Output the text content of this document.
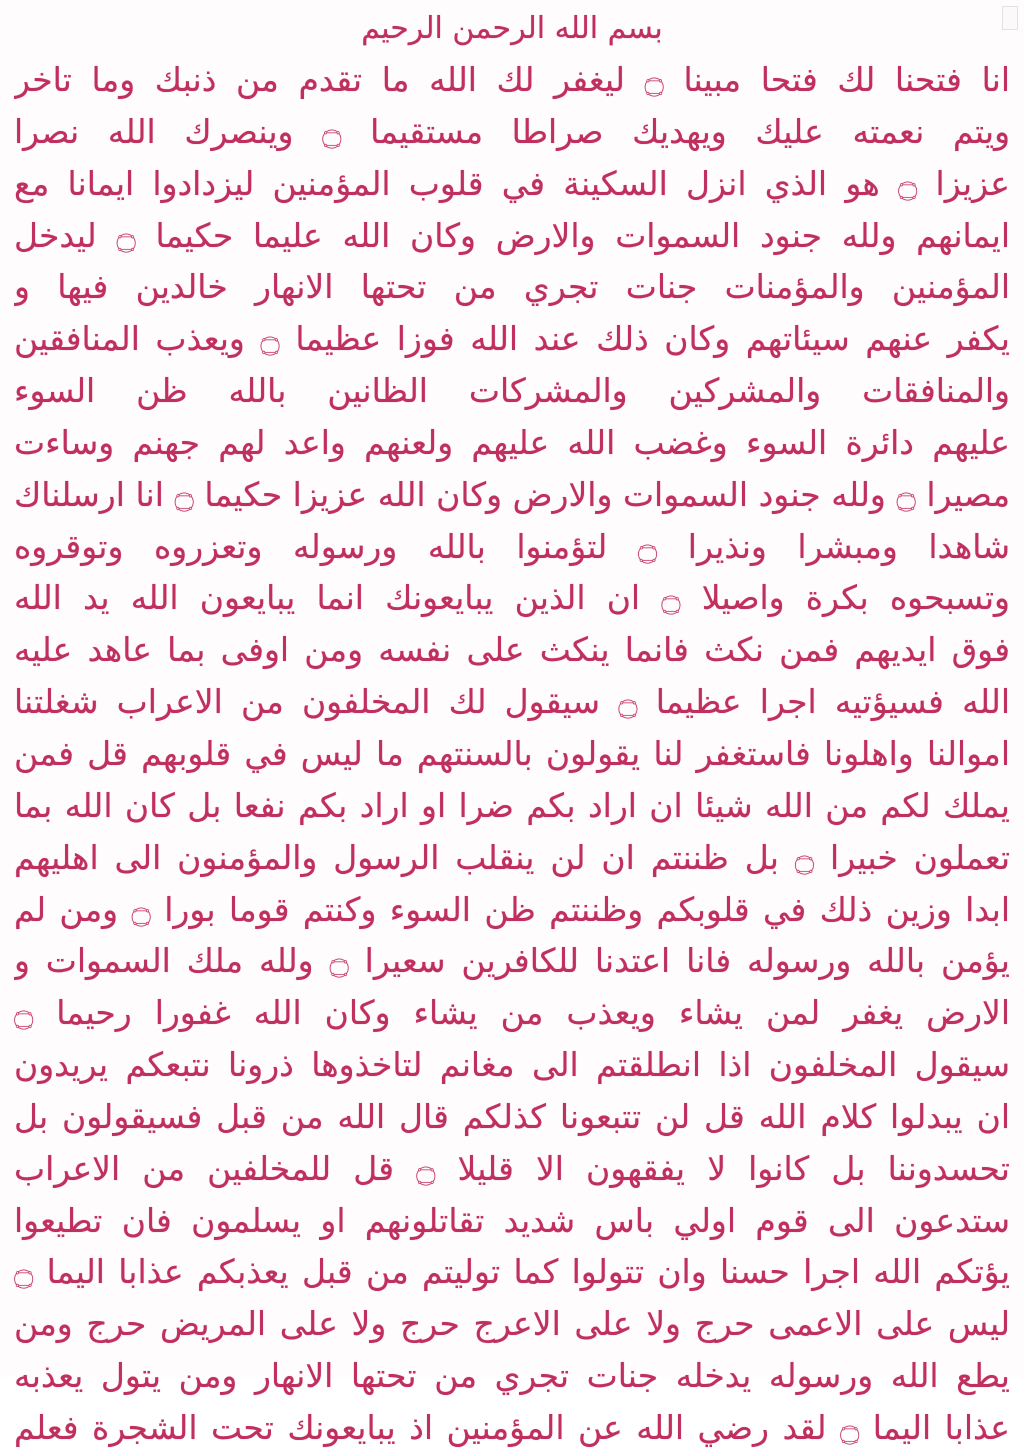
بسم الله الرحمن الرحيم
انا فتحنا لك فتحا مبينا ۝ ليغفر لك الله ما تقدم من ذنبك وما تاخر
ويتم نعمته عليك ويهديك صراطا مستقيما ۝ وينصرك الله نصرا
عزيزا ۝ هو الذي انزل السكينة في قلوب المؤمنين ليزدادوا ايمانا مع
ايمانهم ولله جنود السموات والارض وكان الله عليما حكيما ۝ ليدخل
المؤمنين والمؤمنات جنات تجري من تحتها الانهار خالدين فيها و
يكفر عنهم سيئاتهم وكان ذلك عند الله فوزا عظيما ۝ ويعذب المنافقين
والمنافقات والمشركين والمشركات الظانين بالله ظن السوء
عليهم دائرة السوء وغضب الله عليهم ولعنهم واعد لهم جهنم وساءت
مصيرا ۝ ولله جنود السموات والارض وكان الله عزيزا حكيما ۝ انا ارسلناك
شاهدا ومبشرا ونذيرا ۝ لتؤمنوا بالله ورسوله وتعزروه وتوقروه
وتسبحوه بكرة واصيلا ۝ ان الذين يبايعونك انما يبايعون الله يد الله
فوق ايديهم فمن نكث فانما ينكث على نفسه ومن اوفى بما عاهد عليه
الله فسيؤتيه اجرا عظيما ۝ سيقول لك المخلفون من الاعراب شغلتنا
اموالنا واهلونا فاستغفر لنا يقولون بالسنتهم ما ليس في قلوبهم قل فمن
يملك لكم من الله شيئا ان اراد بكم ضرا او اراد بكم نفعا بل كان الله بما
تعملون خبيرا ۝ بل ظننتم ان لن ينقلب الرسول والمؤمنون الى اهليهم
ابدا وزين ذلك في قلوبكم وظننتم ظن السوء وكنتم قوما بورا ۝ ومن لم
يؤمن بالله ورسوله فانا اعتدنا للكافرين سعيرا ۝ ولله ملك السموات و
الارض يغفر لمن يشاء ويعذب من يشاء وكان الله غفورا رحيما ۝
سيقول المخلفون اذا انطلقتم الى مغانم لتاخذوها ذرونا نتبعكم يريدون
ان يبدلوا كلام الله قل لن تتبعونا كذلكم قال الله من قبل فسيقولون بل
تحسدوننا بل كانوا لا يفقهون الا قليلا ۝ قل للمخلفين من الاعراب
ستدعون الى قوم اولي باس شديد تقاتلونهم او يسلمون فان تطيعوا
يؤتكم الله اجرا حسنا وان تتولوا كما توليتم من قبل يعذبكم عذابا اليما ۝
ليس على الاعمى حرج ولا على الاعرج حرج ولا على المريض حرج ومن
يطع الله ورسوله يدخله جنات تجري من تحتها الانهار ومن يتول يعذبه
عذابا اليما ۝ لقد رضي الله عن المؤمنين اذ يبايعونك تحت الشجرة فعلم
